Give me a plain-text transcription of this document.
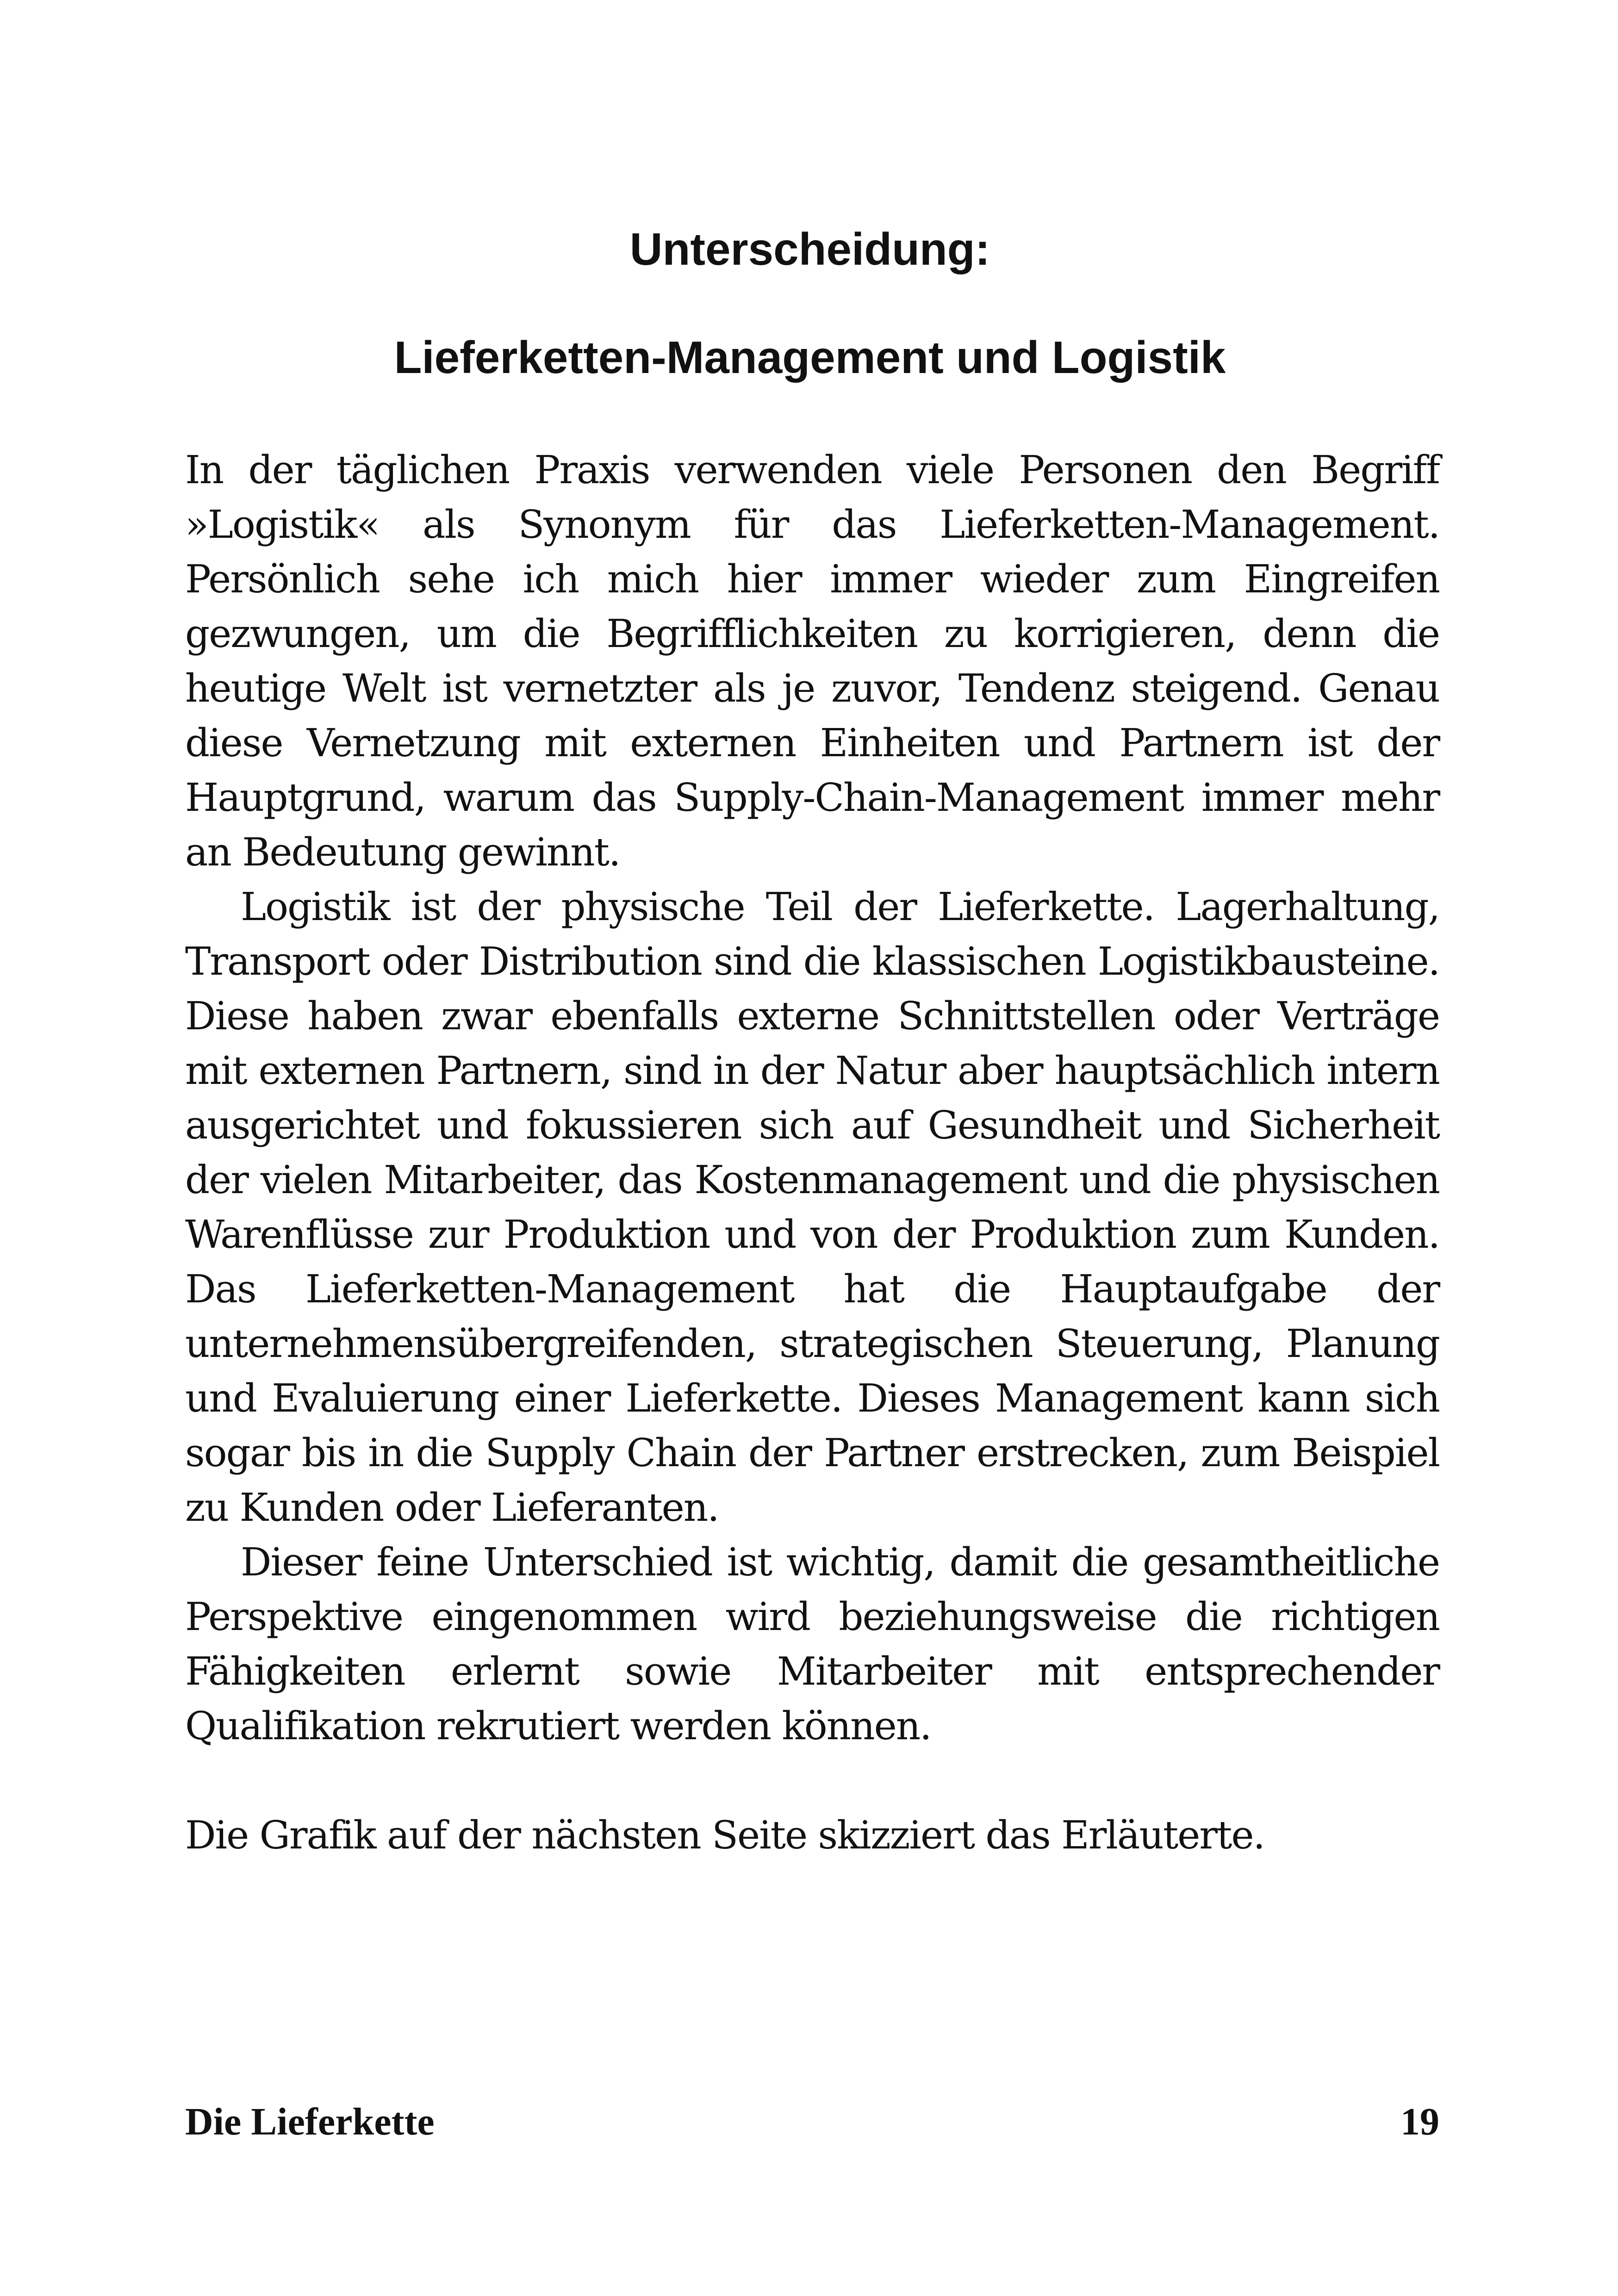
Unterscheidung:
Lieferketten-Management und Logistik

In der täglichen Praxis verwenden viele Personen den Begriff »Logistik« als Synonym für das Lieferketten-Management. Persönlich sehe ich mich hier immer wieder zum Eingreifen gezwungen, um die Begrifflichkeiten zu korrigieren, denn die heutige Welt ist vernetzter als je zuvor, Tendenz steigend. Genau diese Vernetzung mit externen Einheiten und Partnern ist der Hauptgrund, warum das Supply-Chain-Management immer mehr an Bedeutung gewinnt.

Logistik ist der physische Teil der Lieferkette. Lagerhaltung, Transport oder Distribution sind die klassischen Logistikbausteine. Diese haben zwar ebenfalls externe Schnittstellen oder Verträge mit externen Partnern, sind in der Natur aber hauptsächlich intern ausgerichtet und fokussieren sich auf Gesundheit und Sicherheit der vielen Mitarbeiter, das Kostenmanagement und die physischen Warenflüsse zur Produktion und von der Produktion zum Kunden. Das Lieferketten-Management hat die Hauptaufgabe der unternehmensübergreifenden, strategischen Steuerung, Planung und Evaluierung einer Lieferkette. Dieses Management kann sich sogar bis in die Supply Chain der Partner erstrecken, zum Beispiel zu Kunden oder Lieferanten.

Dieser feine Unterschied ist wichtig, damit die gesamtheitliche Perspektive eingenommen wird beziehungsweise die richtigen Fähigkeiten erlernt sowie Mitarbeiter mit entsprechender Qualifikation rekrutiert werden können.

Die Grafik auf der nächsten Seite skizziert das Erläuterte.

Die Lieferkette	19
